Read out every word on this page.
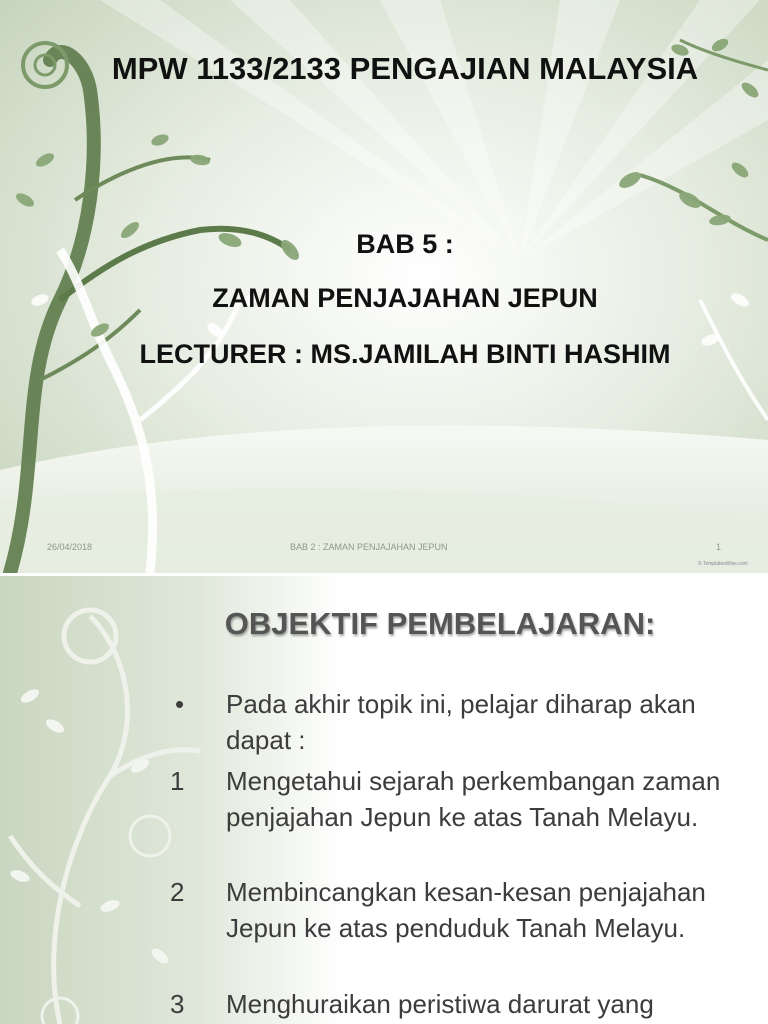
MPW 1133/2133 PENGAJIAN MALAYSIA

BAB 5 :

ZAMAN PENJAJAHAN JEPUN

LECTURER : MS.JAMILAH BINTI HASHIM

26/04/2018	BAB 2 : ZAMAN PENJAJAHAN JEPUN	1
© TemplatesWise.com
OBJEKTIF PEMBELAJARAN:
•	Pada akhir topik ini, pelajar diharap akan dapat :
1	Mengetahui sejarah perkembangan zaman penjajahan Jepun ke atas Tanah Melayu.
2	Membincangkan kesan-kesan penjajahan Jepun ke atas penduduk Tanah Melayu.
3	Menghuraikan peristiwa darurat yang
